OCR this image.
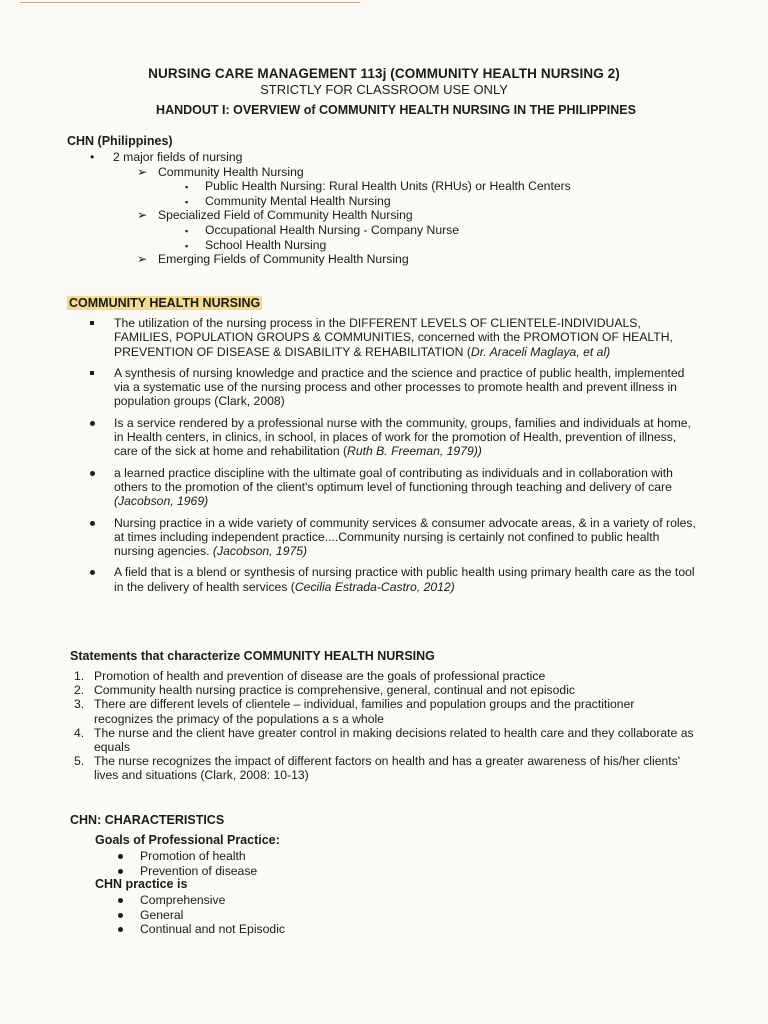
NURSING CARE MANAGEMENT 113j (COMMUNITY HEALTH NURSING 2)
STRICTLY FOR CLASSROOM USE ONLY
HANDOUT I: OVERVIEW of COMMUNITY HEALTH NURSING IN THE PHILIPPINES
CHN (Philippines)
• 2 major fields of nursing
➢ Community Health Nursing
▪ Public Health Nursing: Rural Health Units (RHUs) or Health Centers
▪ Community Mental Health Nursing
➢ Specialized Field of Community Health Nursing
▪ Occupational Health Nursing - Company Nurse
▪ School Health Nursing
➢ Emerging Fields of Community Health Nursing
COMMUNITY HEALTH NURSING
The utilization of the nursing process in the DIFFERENT LEVELS OF CLIENTELE-INDIVIDUALS, FAMILIES, POPULATION GROUPS & COMMUNITIES, concerned with the PROMOTION OF HEALTH, PREVENTION OF DISEASE & DISABILITY & REHABILITATION (Dr. Araceli Maglaya, et al)
A synthesis of nursing knowledge and practice and the science and practice of public health, implemented via a systematic use of the nursing process and other processes to promote health and prevent illness in population groups (Clark, 2008)
Is a service rendered by a professional nurse with the community, groups, families and individuals at home, in Health centers, in clinics, in school, in places of work for the promotion of Health, prevention of illness, care of the sick at home and rehabilitation (Ruth B. Freeman, 1979))
a learned practice discipline with the ultimate goal of contributing as individuals and in collaboration with others to the promotion of the client's optimum level of functioning through teaching and delivery of care (Jacobson, 1969)
Nursing practice in a wide variety of community services & consumer advocate areas, & in a variety of roles, at times including independent practice....Community nursing is certainly not confined to public health nursing agencies. (Jacobson, 1975)
A field that is a blend or synthesis of nursing practice with public health using primary health care as the tool in the delivery of health services (Cecilia Estrada-Castro, 2012)
Statements that characterize COMMUNITY HEALTH NURSING
1. Promotion of health and prevention of disease are the goals of professional practice
2. Community health nursing practice is comprehensive, general, continual and not episodic
3. There are different levels of clientele – individual, families and population groups and the practitioner recognizes the primacy of the populations a s a whole
4. The nurse and the client have greater control in making decisions related to health care and they collaborate as equals
5. The nurse recognizes the impact of different factors on health and has a greater awareness of his/her clients' lives and situations (Clark, 2008: 10-13)
CHN: CHARACTERISTICS
Goals of Professional Practice:
Promotion of health
Prevention of disease
CHN practice is
Comprehensive
General
Continual and not Episodic
